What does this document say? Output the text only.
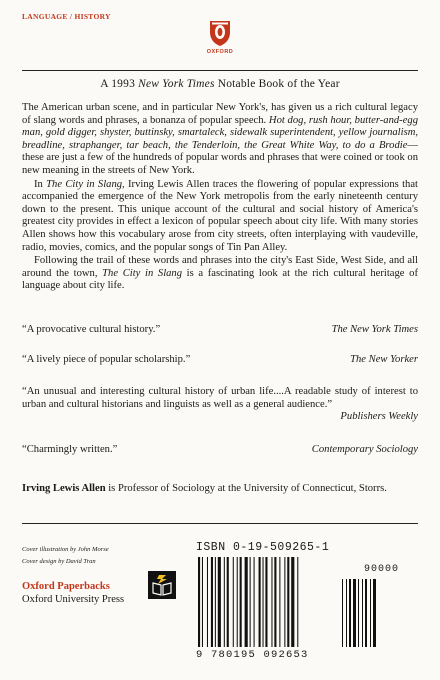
LANGUAGE / HISTORY
OXFORD
A 1993 New York Times Notable Book of the Year

The American urban scene, and in particular New York's, has given us a rich cultural legacy of slang words and phrases, a bonanza of popular speech. Hot dog, rush hour, butter-and-egg man, gold digger, shyster, buttinsky, smartaleck, sidewalk superintendent, yellow journalism, breadline, straphanger, tar beach, the Tenderloin, the Great White Way, to do a Brodie—these are just a few of the hundreds of popular words and phrases that were coined or took on new meaning in the streets of New York.

In The City in Slang, Irving Lewis Allen traces the flowering of popular expressions that accompanied the emergence of the New York metropolis from the early nineteenth century down to the present. This unique account of the cultural and social history of America's greatest city provides in effect a lexicon of popular speech about city life. With many stories Allen shows how this vocabulary arose from city streets, often interplaying with vaudeville, radio, movies, comics, and the popular songs of Tin Pan Alley.

Following the trail of these words and phrases into the city's East Side, West Side, and all around the town, The City in Slang is a fascinating look at the rich cultural heritage of language about city life.

“A provocative cultural history.”	The New York Times
“A lively piece of popular scholarship.”	The New Yorker
“An unusual and interesting cultural history of urban life....A readable study of interest to urban and cultural historians and linguists as well as a general audience.”
Publishers Weekly
“Charmingly written.”	Contemporary Sociology
Irving Lewis Allen is Professor of Sociology at the University of Connecticut, Storrs.
Cover illustration by John Morse
Cover design by David Tran
Oxford Paperbacks
Oxford University Press
ISBN 0-19-509265-1
90000
9 780195 092653
